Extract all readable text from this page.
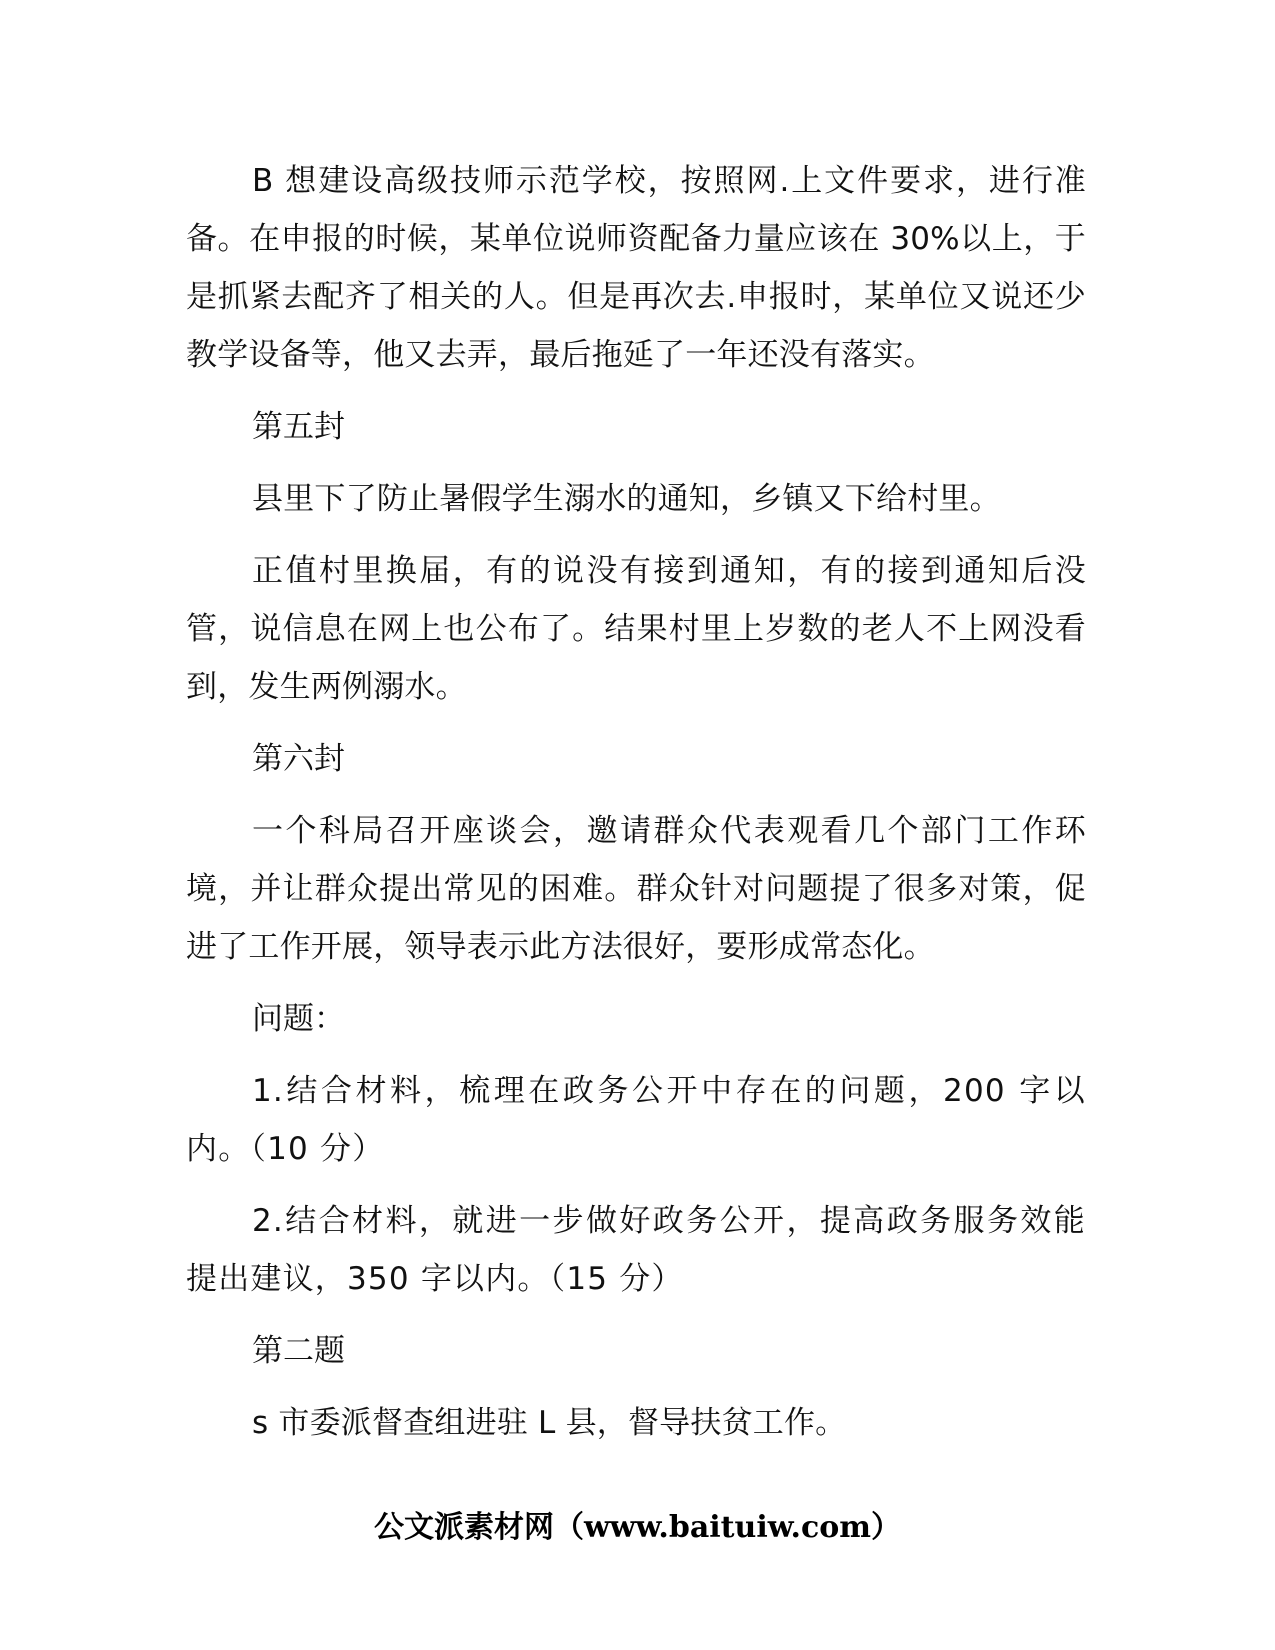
B 想建设高级技师示范学校，按照网.上文件要求，进行准备。在申报的时候，某单位说师资配备力量应该在 30%以上，于是抓紧去配齐了相关的人。但是再次去.申报时，某单位又说还少教学设备等，他又去弄，最后拖延了一年还没有落实。

第五封

县里下了防止暑假学生溺水的通知，乡镇又下给村里。

正值村里换届，有的说没有接到通知，有的接到通知后没管，说信息在网上也公布了。结果村里上岁数的老人不上网没看到，发生两例溺水。

第六封

一个科局召开座谈会，邀请群众代表观看几个部门工作环境，并让群众提出常见的困难。群众针对问题提了很多对策，促进了工作开展，领导表示此方法很好，要形成常态化。

问题：

1.结合材料，梳理在政务公开中存在的问题，200 字以内。（10 分）

2.结合材料，就进一步做好政务公开，提高政务服务效能提出建议，350 字以内。（15 分）

第二题

s 市委派督查组进驻 L 县，督导扶贫工作。

公文派素材网（www.baituiw.com）
